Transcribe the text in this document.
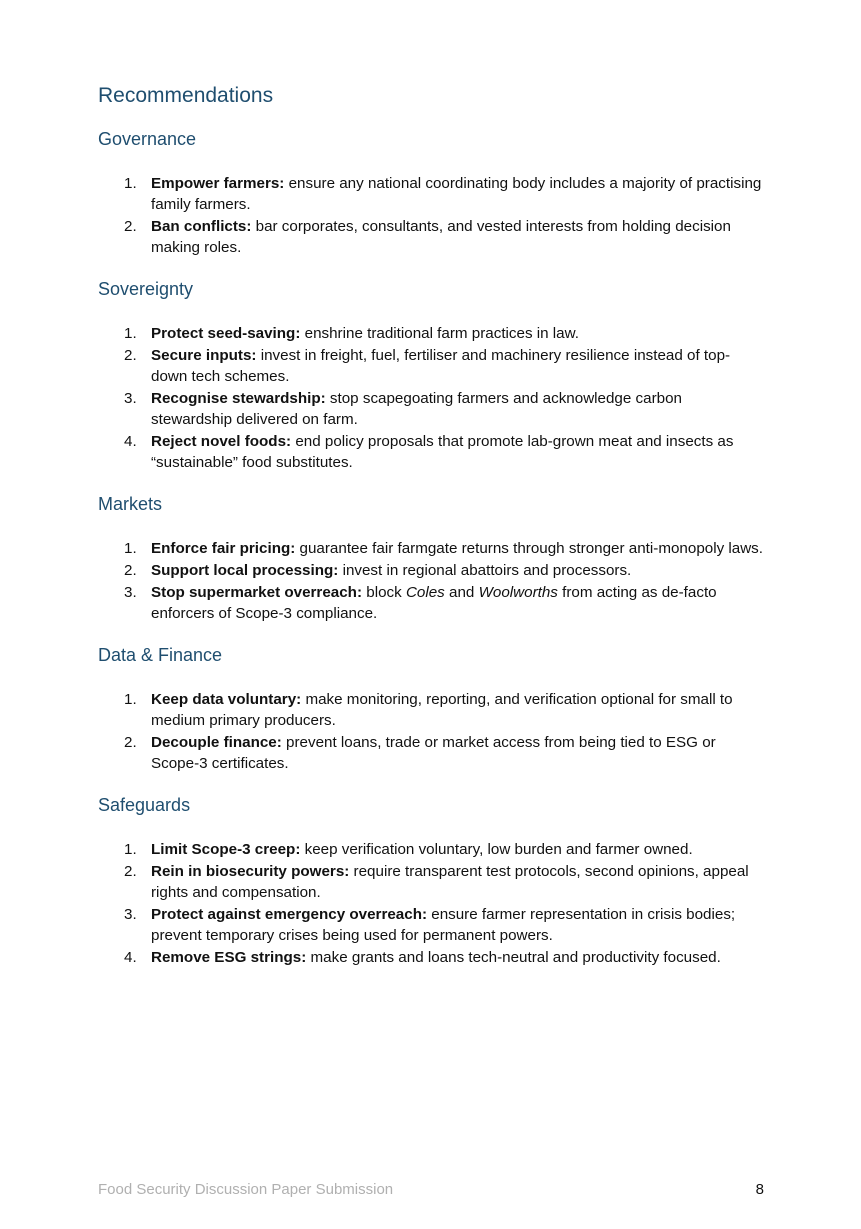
Recommendations
Governance
1. Empower farmers: ensure any national coordinating body includes a majority of practising family farmers.
2. Ban conflicts: bar corporates, consultants, and vested interests from holding decision making roles.
Sovereignty
1. Protect seed-saving: enshrine traditional farm practices in law.
2. Secure inputs: invest in freight, fuel, fertiliser and machinery resilience instead of top-down tech schemes.
3. Recognise stewardship: stop scapegoating farmers and acknowledge carbon stewardship delivered on farm.
4. Reject novel foods: end policy proposals that promote lab-grown meat and insects as “sustainable” food substitutes.
Markets
1. Enforce fair pricing: guarantee fair farmgate returns through stronger anti-monopoly laws.
2. Support local processing: invest in regional abattoirs and processors.
3. Stop supermarket overreach: block Coles and Woolworths from acting as de-facto enforcers of Scope-3 compliance.
Data & Finance
1. Keep data voluntary: make monitoring, reporting, and verification optional for small to medium primary producers.
2. Decouple finance: prevent loans, trade or market access from being tied to ESG or Scope-3 certificates.
Safeguards
1. Limit Scope-3 creep: keep verification voluntary, low burden and farmer owned.
2. Rein in biosecurity powers: require transparent test protocols, second opinions, appeal rights and compensation.
3. Protect against emergency overreach: ensure farmer representation in crisis bodies; prevent temporary crises being used for permanent powers.
4. Remove ESG strings: make grants and loans tech-neutral and productivity focused.
Food Security Discussion Paper Submission	8
